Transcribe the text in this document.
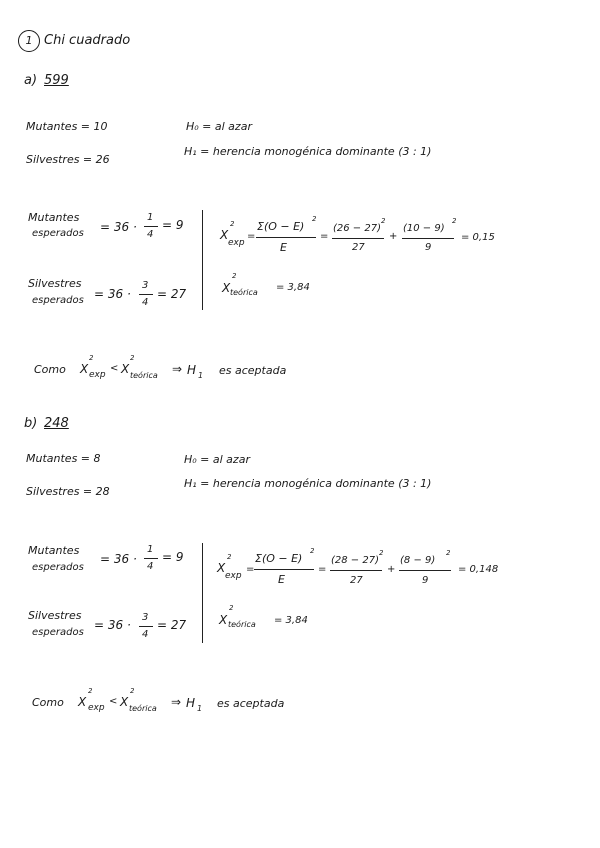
1 Chi cuadrado
a) 599
Mutantes = 10
Silvestres = 26
H₀ = al azar
H₁ = herencia monogénica dominante (3 : 1)
Mutantes
esperados = 36 ·
1
4
= 9
Silvestres
esperados = 36 ·
3
4
= 27
X
2
exp
=
Σ(O − E)
2
E
=
(26 − 27)
2
27
+
(10 − 9)
2
9
= 0,15
X
2
teórica = 3,84
Como X
2
exp
< X
2
teórica ⇒ H 1 es aceptada
b) 248
Mutantes = 8
Silvestres = 28
H₀ = al azar
H₁ = herencia monogénica dominante (3 : 1)
Mutantes
esperados
= 36 ·
1
4
= 9
Silvestres
esperados
= 36 ·
3
4
= 27
X
2
exp
=
Σ(O − E)
2
E
=
(28 − 27)
2
27
+
(8 − 9)
2
9
= 0,148
X
2
teórica = 3,84
Como X
2
exp
< X
2
teórica ⇒ H 1 es aceptada
